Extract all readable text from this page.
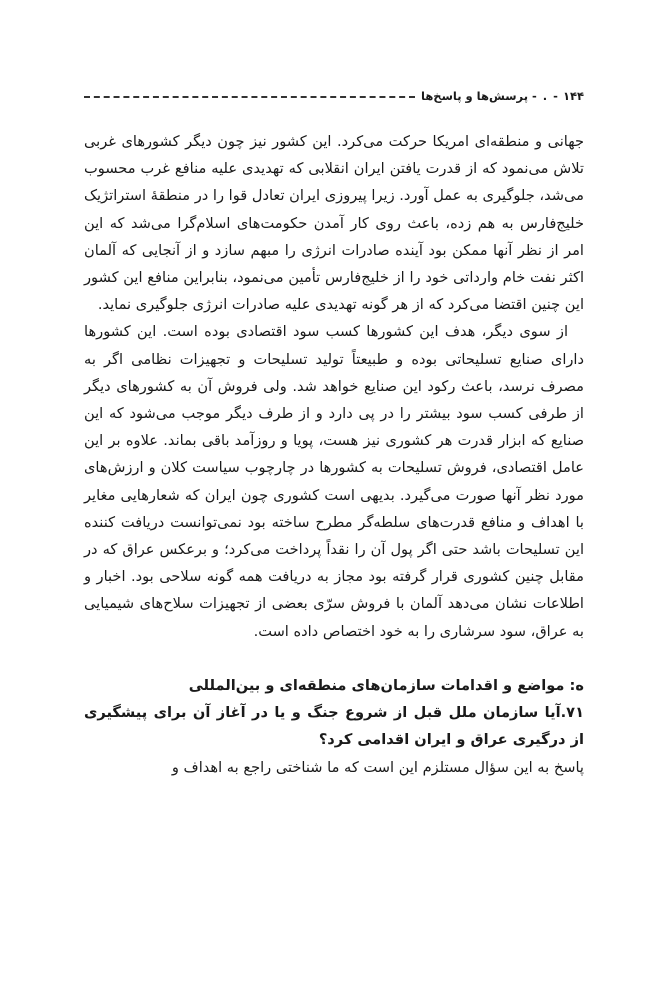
۱۴۴
- . -
پرسش‌ها و پاسخ‌ها

جهانی و منطقه‌ای امریکا حرکت می‌کرد. این کشور نیز چون دیگر کشورهای غربی تلاش می‌نمود که از قدرت یافتن ایران انقلابی که تهدیدی علیه منافع غرب محسوب می‌شد، جلوگیری به عمل آورد. زیرا پیروزی ایران تعادل قوا را در منطقهٔ استراتژیک خلیج‌فارس به هم زده، باعث روی کار آمدن حکومت‌های اسلام‌گرا می‌شد که این امر از نظر آنها ممکن بود آینده صادرات انرژی را مبهم سازد و از آنجایی که آلمان اکثر نفت خام وارداتی خود را از خلیج‌فارس تأمین می‌نمود، بنابراین منافع این کشور این چنین اقتضا می‌کرد که از هر گونه تهدیدی علیه صادرات انرژی جلوگیری نماید.

از سوی دیگر، هدف این کشورها کسب سود اقتصادی بوده است. این کشورها دارای صنایع تسلیحاتی بوده و طبیعتاً تولید تسلیحات و تجهیزات نظامی اگر به مصرف نرسد، باعث رکود این صنایع خواهد شد. ولی فروش آن به کشورهای دیگر از طرفی کسب سود بیشتر را در پی دارد و از طرف دیگر موجب می‌شود که این صنایع که ابزار قدرت هر کشوری نیز هست، پویا و روزآمد باقی بماند. علاوه بر این عامل اقتصادی، فروش تسلیحات به کشورها در چارچوب سیاست کلان و ارزش‌های مورد نظر آنها صورت می‌گیرد. بدیهی است کشوری چون ایران که شعارهایی مغایر با اهداف و منافع قدرت‌های سلطه‌گر مطرح ساخته بود نمی‌توانست دریافت کننده این تسلیحات باشد حتی اگر پول آن را نقداً پرداخت می‌کرد؛ و برعکس عراق که در مقابل چنین کشوری قرار گرفته بود مجاز به دریافت همه گونه سلاحی بود. اخبار و اطلاعات نشان می‌دهد آلمان با فروش سرّی بعضی از تجهیزات سلاح‌های شیمیایی به عراق، سود سرشاری را به خود اختصاص داده است.

ه: مواضع و اقدامات سازمان‌های منطقه‌ای و بین‌المللی
۷۱.آیا سازمان ملل قبل از شروع جنگ و یا در آغاز آن برای پیشگیری از درگیری عراق و ایران اقدامی کرد؟

پاسخ به این سؤال مستلزم این است که ما شناختی راجع به اهداف و
